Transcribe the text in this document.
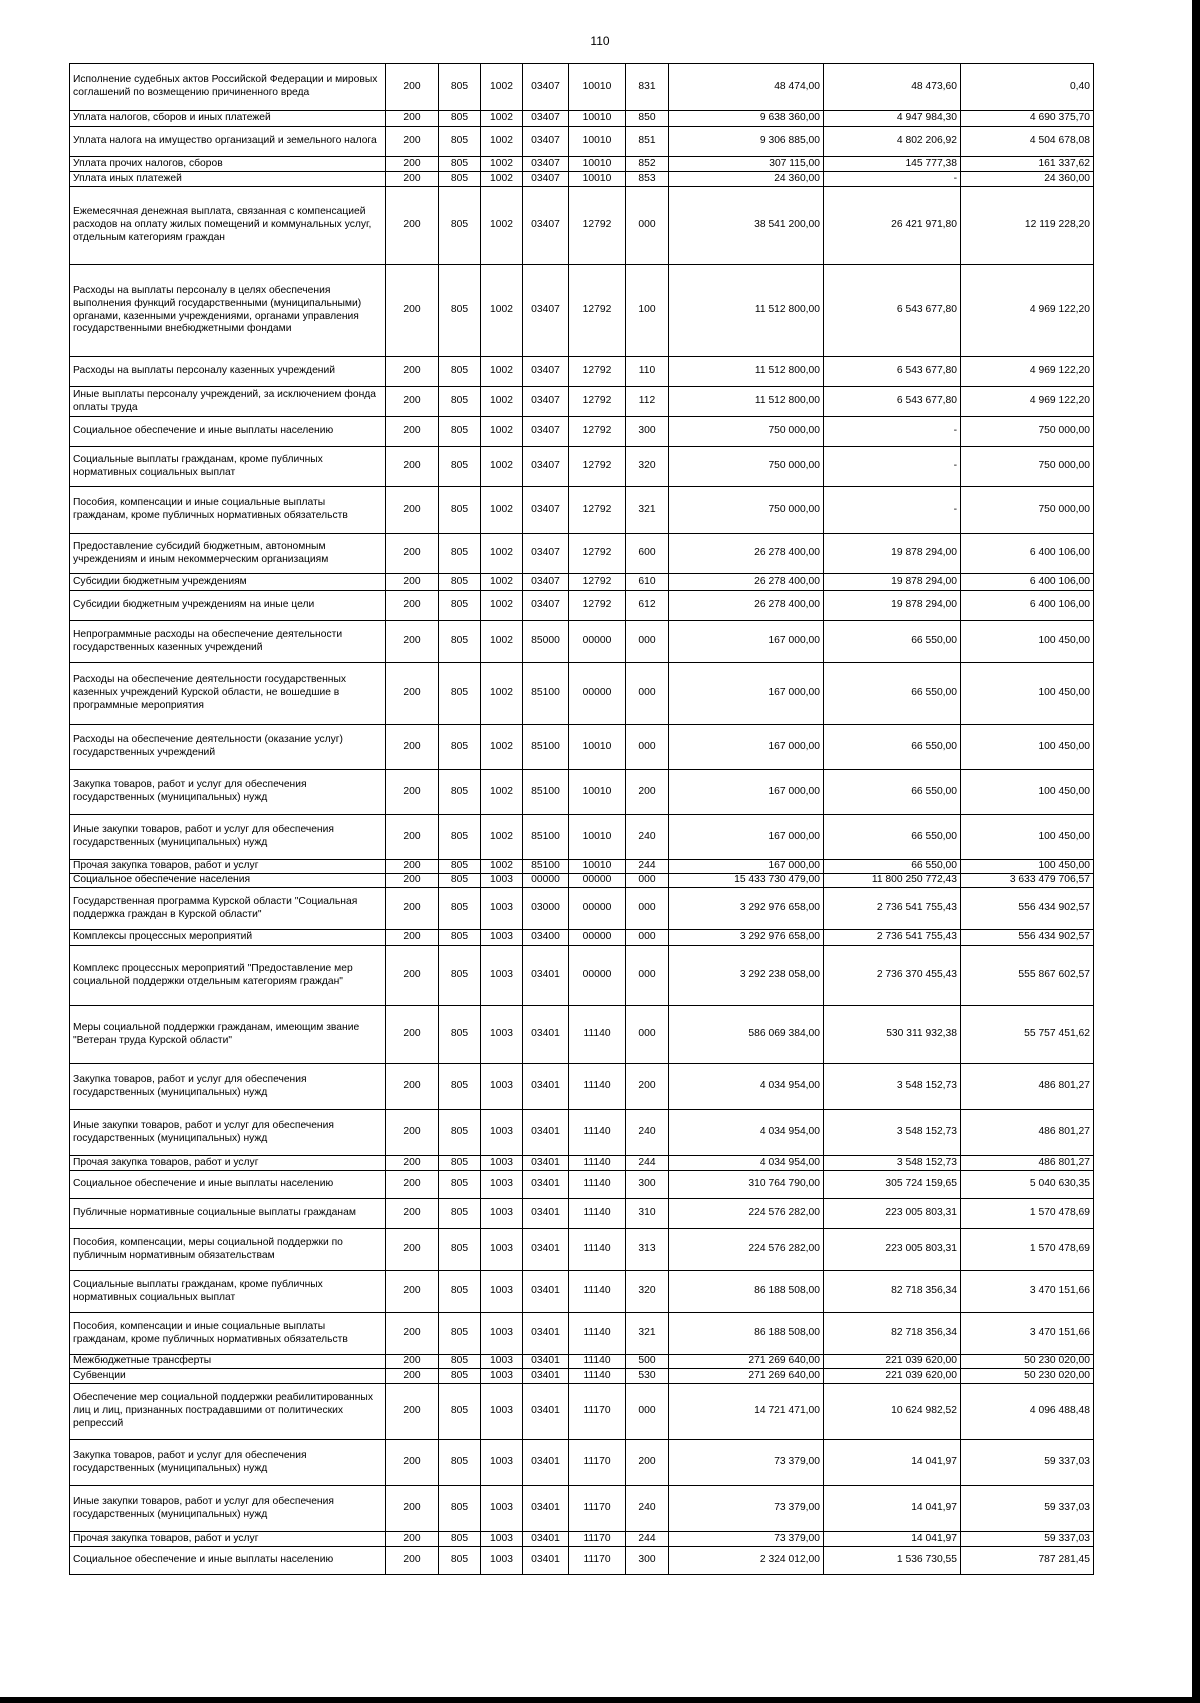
110
Исполнение судебных актов Российской Федерации и мировых соглашений по возмещению причиненного вреда	200	805	1002	03407	10010	831	48 474,00	48 473,60	0,40
Уплата налогов, сборов и иных платежей	200	805	1002	03407	10010	850	9 638 360,00	4 947 984,30	4 690 375,70
Уплата налога на имущество организаций и земельного налога	200	805	1002	03407	10010	851	9 306 885,00	4 802 206,92	4 504 678,08
Уплата прочих налогов, сборов	200	805	1002	03407	10010	852	307 115,00	145 777,38	161 337,62
Уплата иных платежей	200	805	1002	03407	10010	853	24 360,00	-	24 360,00
Ежемесячная денежная выплата, связанная с компенсацией расходов на оплату жилых помещений и коммунальных услуг, отдельным категориям граждан	200	805	1002	03407	12792	000	38 541 200,00	26 421 971,80	12 119 228,20
Расходы на выплаты персоналу в целях обеспечения выполнения функций государственными (муниципальными) органами, казенными учреждениями, органами управления государственными внебюджетными фондами	200	805	1002	03407	12792	100	11 512 800,00	6 543 677,80	4 969 122,20
Расходы на выплаты персоналу казенных учреждений	200	805	1002	03407	12792	110	11 512 800,00	6 543 677,80	4 969 122,20
Иные выплаты персоналу учреждений, за исключением фонда оплаты труда	200	805	1002	03407	12792	112	11 512 800,00	6 543 677,80	4 969 122,20
Социальное обеспечение и иные выплаты населению	200	805	1002	03407	12792	300	750 000,00	-	750 000,00
Социальные выплаты гражданам, кроме публичных нормативных социальных выплат	200	805	1002	03407	12792	320	750 000,00	-	750 000,00
Пособия, компенсации и иные социальные выплаты гражданам, кроме публичных нормативных обязательств	200	805	1002	03407	12792	321	750 000,00	-	750 000,00
Предоставление субсидий бюджетным, автономным учреждениям и иным некоммерческим организациям	200	805	1002	03407	12792	600	26 278 400,00	19 878 294,00	6 400 106,00
Субсидии бюджетным учреждениям	200	805	1002	03407	12792	610	26 278 400,00	19 878 294,00	6 400 106,00
Субсидии бюджетным учреждениям на иные цели	200	805	1002	03407	12792	612	26 278 400,00	19 878 294,00	6 400 106,00
Непрограммные расходы на обеспечение деятельности государственных казенных учреждений	200	805	1002	85000	00000	000	167 000,00	66 550,00	100 450,00
Расходы на обеспечение деятельности государственных казенных учреждений Курской области, не вошедшие в программные мероприятия	200	805	1002	85100	00000	000	167 000,00	66 550,00	100 450,00
Расходы на обеспечение деятельности (оказание услуг) государственных учреждений	200	805	1002	85100	10010	000	167 000,00	66 550,00	100 450,00
Закупка товаров, работ и услуг для обеспечения государственных (муниципальных) нужд	200	805	1002	85100	10010	200	167 000,00	66 550,00	100 450,00
Иные закупки товаров, работ и услуг для обеспечения государственных (муниципальных) нужд	200	805	1002	85100	10010	240	167 000,00	66 550,00	100 450,00
Прочая закупка товаров, работ и услуг	200	805	1002	85100	10010	244	167 000,00	66 550,00	100 450,00
Социальное обеспечение населения	200	805	1003	00000	00000	000	15 433 730 479,00	11 800 250 772,43	3 633 479 706,57
Государственная программа Курской области "Социальная поддержка граждан в Курской области"	200	805	1003	03000	00000	000	3 292 976 658,00	2 736 541 755,43	556 434 902,57
Комплексы процессных мероприятий	200	805	1003	03400	00000	000	3 292 976 658,00	2 736 541 755,43	556 434 902,57
Комплекс процессных мероприятий "Предоставление мер социальной поддержки отдельным категориям граждан"	200	805	1003	03401	00000	000	3 292 238 058,00	2 736 370 455,43	555 867 602,57
Меры социальной поддержки гражданам, имеющим звание "Ветеран труда Курской области"	200	805	1003	03401	11140	000	586 069 384,00	530 311 932,38	55 757 451,62
Закупка товаров, работ и услуг для обеспечения государственных (муниципальных) нужд	200	805	1003	03401	11140	200	4 034 954,00	3 548 152,73	486 801,27
Иные закупки товаров, работ и услуг для обеспечения государственных (муниципальных) нужд	200	805	1003	03401	11140	240	4 034 954,00	3 548 152,73	486 801,27
Прочая закупка товаров, работ и услуг	200	805	1003	03401	11140	244	4 034 954,00	3 548 152,73	486 801,27
Социальное обеспечение и иные выплаты населению	200	805	1003	03401	11140	300	310 764 790,00	305 724 159,65	5 040 630,35
Публичные нормативные социальные выплаты гражданам	200	805	1003	03401	11140	310	224 576 282,00	223 005 803,31	1 570 478,69
Пособия, компенсации, меры социальной поддержки по публичным нормативным обязательствам	200	805	1003	03401	11140	313	224 576 282,00	223 005 803,31	1 570 478,69
Социальные выплаты гражданам, кроме публичных нормативных социальных выплат	200	805	1003	03401	11140	320	86 188 508,00	82 718 356,34	3 470 151,66
Пособия, компенсации и иные социальные выплаты гражданам, кроме публичных нормативных обязательств	200	805	1003	03401	11140	321	86 188 508,00	82 718 356,34	3 470 151,66
Межбюджетные трансферты	200	805	1003	03401	11140	500	271 269 640,00	221 039 620,00	50 230 020,00
Субвенции	200	805	1003	03401	11140	530	271 269 640,00	221 039 620,00	50 230 020,00
Обеспечение мер социальной поддержки реабилитированных лиц и лиц, признанных пострадавшими от политических репрессий	200	805	1003	03401	11170	000	14 721 471,00	10 624 982,52	4 096 488,48
Закупка товаров, работ и услуг для обеспечения государственных (муниципальных) нужд	200	805	1003	03401	11170	200	73 379,00	14 041,97	59 337,03
Иные закупки товаров, работ и услуг для обеспечения государственных (муниципальных) нужд	200	805	1003	03401	11170	240	73 379,00	14 041,97	59 337,03
Прочая закупка товаров, работ и услуг	200	805	1003	03401	11170	244	73 379,00	14 041,97	59 337,03
Социальное обеспечение и иные выплаты населению	200	805	1003	03401	11170	300	2 324 012,00	1 536 730,55	787 281,45
